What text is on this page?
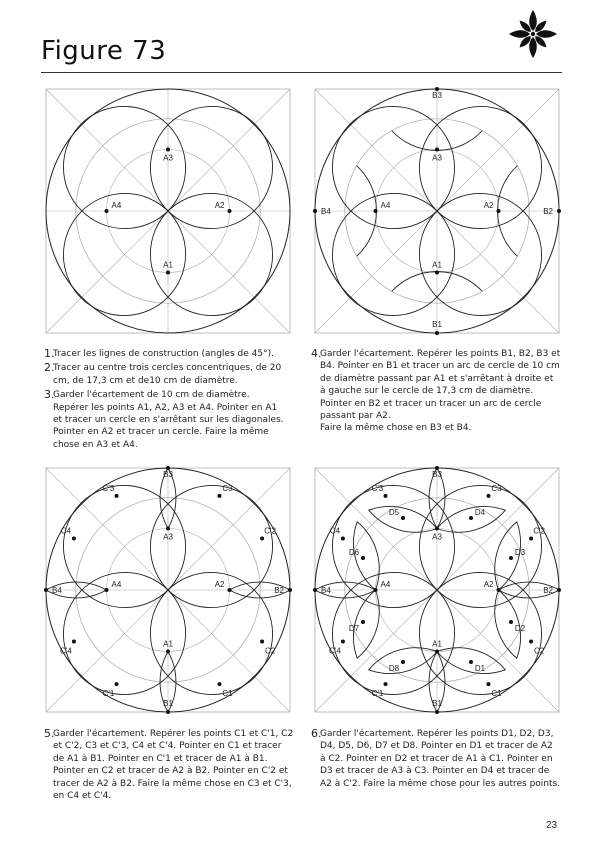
Figure 73
A1
A2
A3
A4
A1
A2
A3
A4
B1
B2
B3
B4
A1
A2
A3
A4
B1
B2
B3
B4
C1
C'1
C2
C'2
C3
C'3
C4
C'4
A1
A2
A3
A4
B1
B2
B3
B4
C1
C'1
C2
C'2
C3
C'3
C4
C'4
D1
D2
D3
D4
D5
D6
D7
D8
1.
Tracer les lignes de construction (angles de 45°).
2.
Tracer au centre trois cercles concentriques, de 20 cm, de 17,3 cm et de10 cm de diamètre.
3.
Garder l'écartement de 10 cm de diamètre. Repérer les points A1, A2, A3 et A4. Pointer en A1 et tracer un cercle en s'arrêtant sur les diagonales. Pointer en A2 et tracer un cercle. Faire la même chose en A3 et A4.
4.
Garder l'écartement. Repérer les points B1, B2, B3 et B4. Pointer en B1 et tracer un arc de cercle de 10 cm de diamètre passant par A1 et s'arrêtant à droite et à gauche sur le cercle de 17,3 cm de diamètre. Pointer en B2 et tracer un tracer un arc de cercle passant par A2.
Faire la même chose en B3 et B4.
5.
Garder l'écartement. Repérer les points C1 et C'1, C2 et C'2, C3 et C'3, C4 et C'4. Pointer en C1 et tracer de A1 à B1. Pointer en C'1 et tracer de A1 à B1. Pointer en C2 et tracer de A2 à B2. Pointer en C'2 et tracer de A2 à B2. Faire la même chose en C3 et C'3, en C4 et C'4.
6.
Garder l'écartement. Repérer les points D1, D2, D3, D4, D5, D6, D7 et D8. Pointer en D1 et tracer de A2 à C2. Pointer en D2 et tracer de A1 à C1. Pointer en D3 et tracer de A3 à C3. Pointer en D4 et tracer de A2 à C'2. Faire la même chose pour les autres points.
23
